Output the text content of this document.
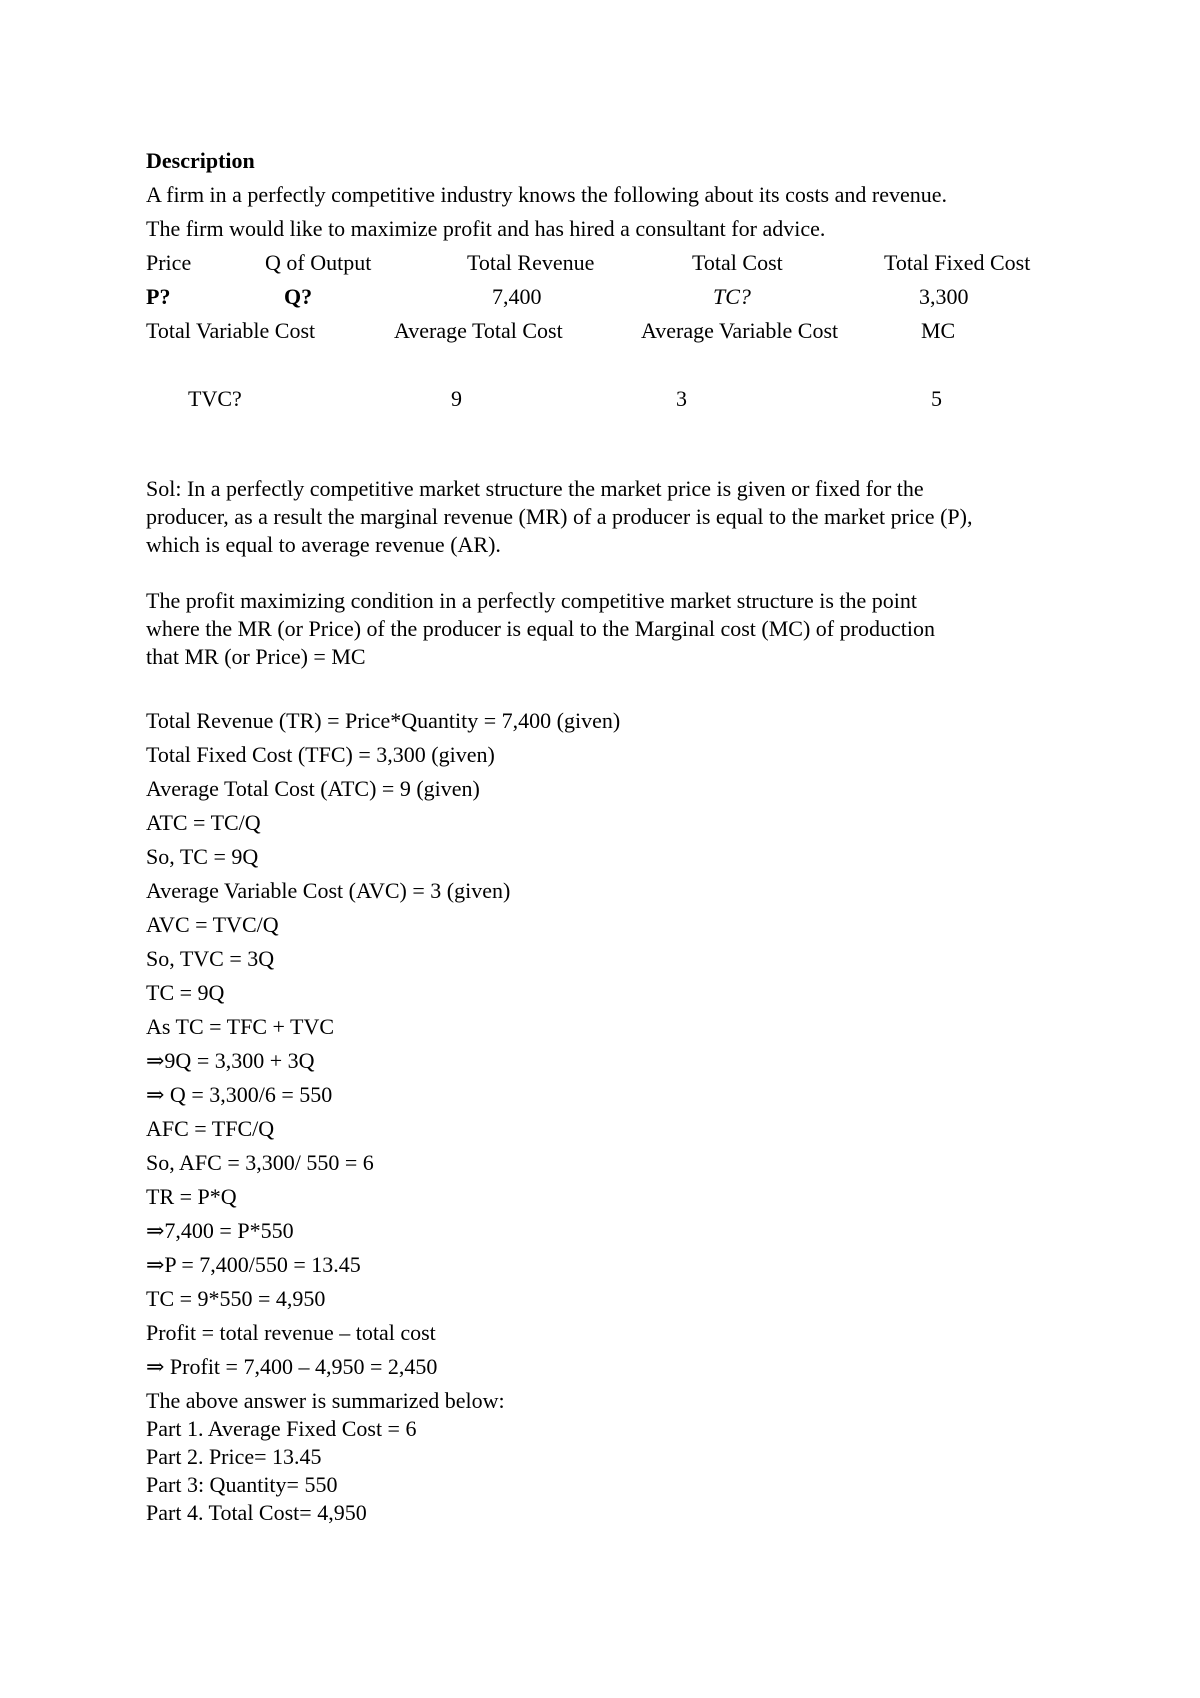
Description
A firm in a perfectly competitive industry knows the following about its costs and revenue.
The firm would like to maximize profit and has hired a consultant for advice.
Price	Q of Output	Total Revenue	Total Cost	Total Fixed Cost
P?	Q?	7,400	TC?	3,300
Total Variable Cost	Average Total Cost	Average Variable Cost	MC
TVC?	9	3	5
Sol: In a perfectly competitive market structure the market price is given or fixed for the
producer, as a result the marginal revenue (MR) of a producer is equal to the market price (P),
which is equal to average revenue (AR).
The profit maximizing condition in a perfectly competitive market structure is the point
where the MR (or Price) of the producer is equal to the Marginal cost (MC) of production
that MR (or Price) = MC
Total Revenue (TR) = Price*Quantity = 7,400 (given)
Total Fixed Cost (TFC) = 3,300 (given)
Average Total Cost (ATC) = 9 (given)
ATC = TC/Q
So, TC = 9Q
Average Variable Cost (AVC) = 3 (given)
AVC = TVC/Q
So, TVC = 3Q
TC = 9Q
As TC = TFC + TVC
⇒9Q = 3,300 + 3Q
⇒ Q = 3,300/6 = 550
AFC = TFC/Q
So, AFC = 3,300/ 550 = 6
TR = P*Q
⇒7,400 = P*550
⇒P = 7,400/550 = 13.45
TC = 9*550 = 4,950
Profit = total revenue – total cost
⇒ Profit = 7,400 – 4,950 = 2,450
The above answer is summarized below:
Part 1. Average Fixed Cost = 6
Part 2. Price= 13.45
Part 3: Quantity= 550
Part 4. Total Cost= 4,950
